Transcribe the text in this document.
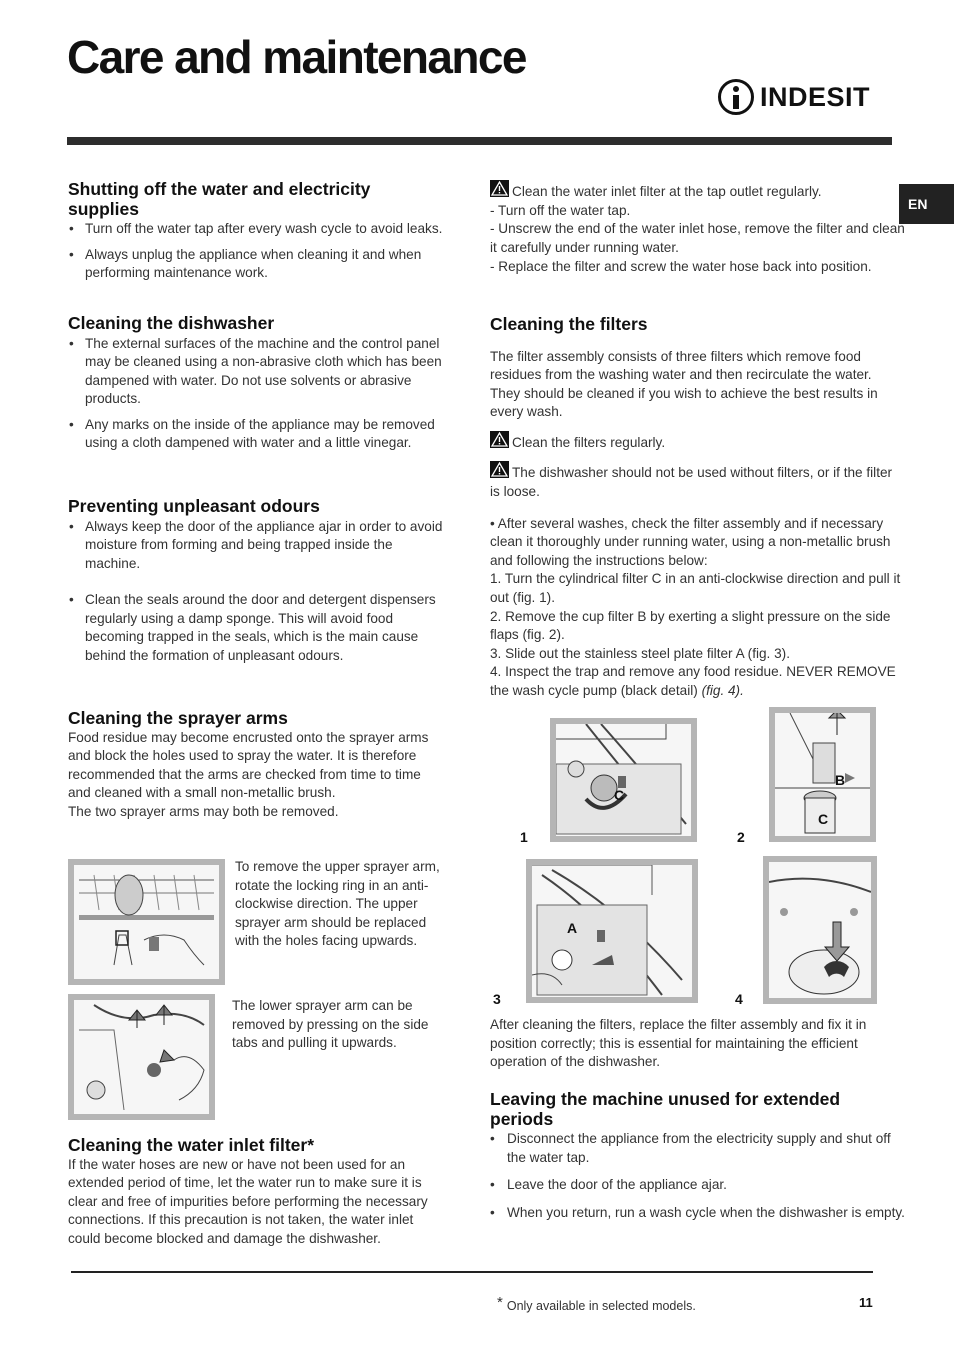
Care and maintenance
INDESIT
EN
Shutting off the water and electricity supplies
• Turn off the water tap after every wash cycle to avoid leaks.
• Always unplug the appliance when cleaning it and when performing maintenance work.
Cleaning the dishwasher
• The external surfaces of the machine and the control panel may be cleaned using a non-abrasive cloth which has been dampened with water. Do not use solvents or abrasive products.
• Any marks on the inside of the appliance may be removed using a cloth dampened with water and a little vinegar.
Preventing unpleasant odours
• Always keep the door of the appliance ajar in order to avoid moisture from forming and being trapped inside the machine.
• Clean the seals around the door and detergent dispensers regularly using a damp sponge. This will avoid food becoming trapped in the seals, which is the main cause behind the formation of unpleasant odours.
Cleaning the sprayer arms
Food residue may become encrusted onto the sprayer arms and block the holes used to spray the water. It is therefore recommended that the arms are checked from time to time and cleaned with a small non-metallic brush.
The two sprayer arms may both be removed.
To remove the upper sprayer arm, rotate the locking ring in an anti-clockwise direction. The upper sprayer arm should be replaced with the holes facing upwards.
The lower sprayer arm can be removed by pressing on the side tabs and pulling it upwards.
Cleaning the water inlet filter*
If the water hoses are new or have not been used for an extended period of time, let the water run to make sure it is clear and free of impurities before performing the necessary connections. If this precaution is not taken, the water inlet could become blocked and damage the dishwasher.
Clean the water inlet filter at the tap outlet regularly.
- Turn off the water tap.
- Unscrew the end of the water inlet hose, remove the filter and clean it carefully under running water.
- Replace the filter and screw the water hose back into position.
Cleaning the filters
The filter assembly consists of three filters which remove food residues from the washing water and then recirculate the water. They should be cleaned if you wish to achieve the best results in every wash.
Clean the filters regularly.
The dishwasher should not be used without filters, or if the filter is loose.
• After several washes, check the filter assembly and if necessary clean it thoroughly under running water, using a non-metallic brush and following the instructions below:
1. Turn the cylindrical filter C in an anti-clockwise direction and pull it out (fig. 1).
2. Remove the cup filter B by exerting a slight pressure on the side flaps (fig. 2).
3. Slide out the stainless steel plate filter A (fig. 3).
4. Inspect the trap and remove any food residue. NEVER REMOVE the wash cycle pump (black detail) (fig. 4).
1
C
2
B
C
3
A
4
After cleaning the filters, replace the filter assembly and fix it in position correctly; this is essential for maintaining the efficient operation of the dishwasher.
Leaving the machine unused for extended periods
• Disconnect the appliance from the electricity supply and shut off the water tap.
• Leave the door of the appliance ajar.
• When you return, run a wash cycle when the dishwasher is empty.
* Only available in selected models.	11
